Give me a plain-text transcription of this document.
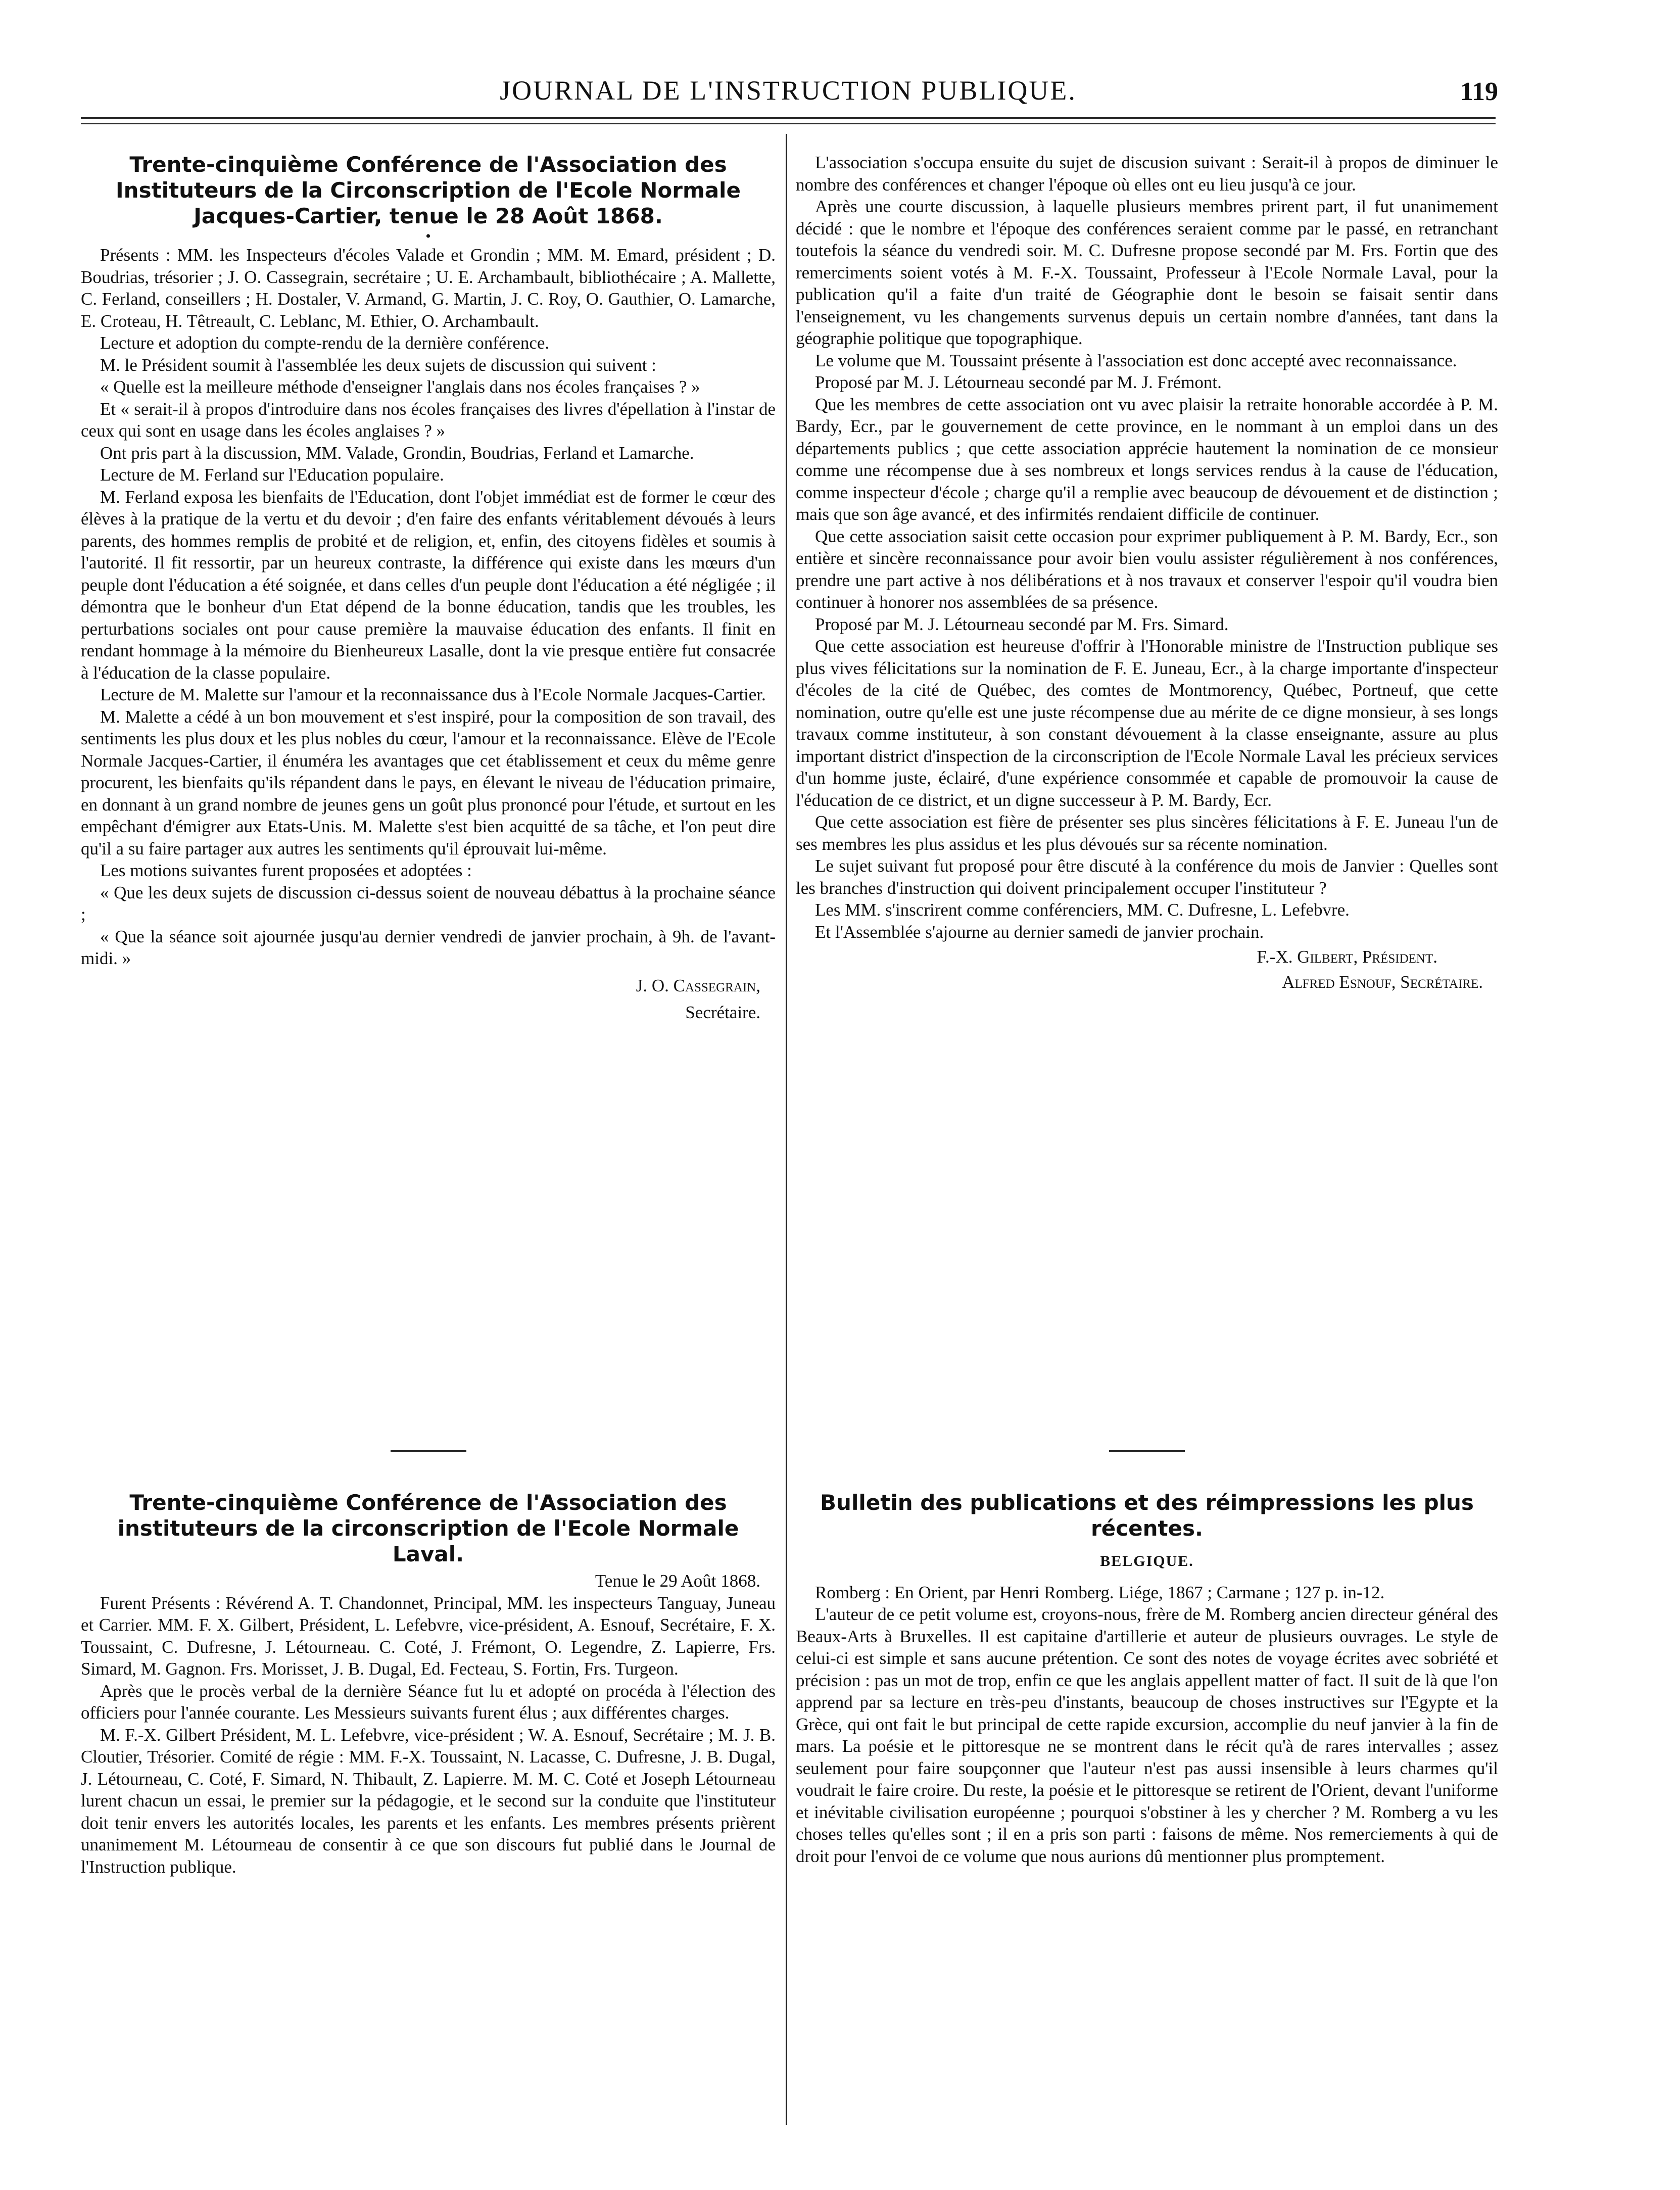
JOURNAL DE L'INSTRUCTION PUBLIQUE.	119
Trente-cinquième Conférence de l'Association des Instituteurs de la Circonscription de l'Ecole Normale Jacques-Cartier, tenue le 28 Août 1868.
•

Présents : MM. les Inspecteurs d'écoles Valade et Grondin ; MM. M. Emard, président ; D. Boudrias, trésorier ; J. O. Cassegrain, secrétaire ; U. E. Archambault, bibliothécaire ; A. Mallette, C. Ferland, conseillers ; H. Dostaler, V. Armand, G. Martin, J. C. Roy, O. Gauthier, O. Lamarche, E. Croteau, H. Têtreault, C. Leblanc, M. Ethier, O. Archambault.

Lecture et adoption du compte-rendu de la dernière conférence.

M. le Président soumit à l'assemblée les deux sujets de discussion qui suivent :

« Quelle est la meilleure méthode d'enseigner l'anglais dans nos écoles françaises ? »

Et « serait-il à propos d'introduire dans nos écoles françaises des livres d'épellation à l'instar de ceux qui sont en usage dans les écoles anglaises ? »

Ont pris part à la discussion, MM. Valade, Grondin, Boudrias, Ferland et Lamarche.

Lecture de M. Ferland sur l'Education populaire.

M. Ferland exposa les bienfaits de l'Education, dont l'objet immédiat est de former le cœur des élèves à la pratique de la vertu et du devoir ; d'en faire des enfants véritablement dévoués à leurs parents, des hommes remplis de probité et de religion, et, enfin, des citoyens fidèles et soumis à l'autorité. Il fit ressortir, par un heureux contraste, la différence qui existe dans les mœurs d'un peuple dont l'éducation a été soignée, et dans celles d'un peuple dont l'éducation a été négligée ; il démontra que le bonheur d'un Etat dépend de la bonne éducation, tandis que les troubles, les perturbations sociales ont pour cause première la mauvaise éducation des enfants. Il finit en rendant hommage à la mémoire du Bienheureux Lasalle, dont la vie presque entière fut consacrée à l'éducation de la classe populaire.

Lecture de M. Malette sur l'amour et la reconnaissance dus à l'Ecole Normale Jacques-Cartier.

M. Malette a cédé à un bon mouvement et s'est inspiré, pour la composition de son travail, des sentiments les plus doux et les plus nobles du cœur, l'amour et la reconnaissance. Elève de l'Ecole Normale Jacques-Cartier, il énuméra les avantages que cet établissement et ceux du même genre procurent, les bienfaits qu'ils répandent dans le pays, en élevant le niveau de l'éducation primaire, en donnant à un grand nombre de jeunes gens un goût plus prononcé pour l'étude, et surtout en les empêchant d'émigrer aux Etats-Unis. M. Malette s'est bien acquitté de sa tâche, et l'on peut dire qu'il a su faire partager aux autres les sentiments qu'il éprouvait lui-même.

Les motions suivantes furent proposées et adoptées :

« Que les deux sujets de discussion ci-dessus soient de nouveau débattus à la prochaine séance ;

« Que la séance soit ajournée jusqu'au dernier vendredi de janvier prochain, à 9h. de l'avant-midi. »

J. O. Cassegrain,
Secrétaire.
Trente-cinquième Conférence de l'Association des instituteurs de la circonscription de l'Ecole Normale Laval.

Tenue le 29 Août 1868.

Furent Présents : Révérend A. T. Chandonnet, Principal, MM. les inspecteurs Tanguay, Juneau et Carrier. MM. F. X. Gilbert, Président, L. Lefebvre, vice-président, A. Esnouf, Secrétaire, F. X. Toussaint, C. Dufresne, J. Létourneau. C. Coté, J. Frémont, O. Legendre, Z. Lapierre, Frs. Simard, M. Gagnon. Frs. Morisset, J. B. Dugal, Ed. Fecteau, S. Fortin, Frs. Turgeon.

Après que le procès verbal de la dernière Séance fut lu et adopté on procéda à l'élection des officiers pour l'année courante. Les Messieurs suivants furent élus ; aux différentes charges.

M. F.-X. Gilbert Président, M. L. Lefebvre, vice-président ; W. A. Esnouf, Secrétaire ; M. J. B. Cloutier, Trésorier. Comité de régie : MM. F.-X. Toussaint, N. Lacasse, C. Dufresne, J. B. Dugal, J. Létourneau, C. Coté, F. Simard, N. Thibault, Z. Lapierre. M. M. C. Coté et Joseph Létourneau lurent chacun un essai, le premier sur la pédagogie, et le second sur la conduite que l'instituteur doit tenir envers les autorités locales, les parents et les enfants. Les membres présents prièrent unanimement M. Létourneau de consentir à ce que son discours fut publié dans le Journal de l'Instruction publique.

L'association s'occupa ensuite du sujet de discusion suivant : Serait-il à propos de diminuer le nombre des conférences et changer l'époque où elles ont eu lieu jusqu'à ce jour.

Après une courte discussion, à laquelle plusieurs membres prirent part, il fut unanimement décidé : que le nombre et l'époque des conférences seraient comme par le passé, en retranchant toutefois la séance du vendredi soir. M. C. Dufresne propose secondé par M. Frs. Fortin que des remerciments soient votés à M. F.-X. Toussaint, Professeur à l'Ecole Normale Laval, pour la publication qu'il a faite d'un traité de Géographie dont le besoin se faisait sentir dans l'enseignement, vu les changements survenus depuis un certain nombre d'années, tant dans la géographie politique que topographique.

Le volume que M. Toussaint présente à l'association est donc accepté avec reconnaissance.

Proposé par M. J. Létourneau secondé par M. J. Frémont.

Que les membres de cette association ont vu avec plaisir la retraite honorable accordée à P. M. Bardy, Ecr., par le gouvernement de cette province, en le nommant à un emploi dans un des départements publics ; que cette association apprécie hautement la nomination de ce monsieur comme une récompense due à ses nombreux et longs services rendus à la cause de l'éducation, comme inspecteur d'école ; charge qu'il a remplie avec beaucoup de dévouement et de distinction ; mais que son âge avancé, et des infirmités rendaient difficile de continuer.

Que cette association saisit cette occasion pour exprimer publiquement à P. M. Bardy, Ecr., son entière et sincère reconnaissance pour avoir bien voulu assister régulièrement à nos conférences, prendre une part active à nos délibérations et à nos travaux et conserver l'espoir qu'il voudra bien continuer à honorer nos assemblées de sa présence.

Proposé par M. J. Létourneau secondé par M. Frs. Simard.

Que cette association est heureuse d'offrir à l'Honorable ministre de l'Instruction publique ses plus vives félicitations sur la nomination de F. E. Juneau, Ecr., à la charge importante d'inspecteur d'écoles de la cité de Québec, des comtes de Montmorency, Québec, Portneuf, que cette nomination, outre qu'elle est une juste récompense due au mérite de ce digne monsieur, à ses longs travaux comme instituteur, à son constant dévouement à la classe enseignante, assure au plus important district d'inspection de la circonscription de l'Ecole Normale Laval les précieux services d'un homme juste, éclairé, d'une expérience consommée et capable de promouvoir la cause de l'éducation de ce district, et un digne successeur à P. M. Bardy, Ecr.

Que cette association est fière de présenter ses plus sincères félicitations à F. E. Juneau l'un de ses membres les plus assidus et les plus dévoués sur sa récente nomination.

Le sujet suivant fut proposé pour être discuté à la conférence du mois de Janvier : Quelles sont les branches d'instruction qui doivent principalement occuper l'instituteur ?

Les MM. s'inscrirent comme conférenciers, MM. C. Dufresne, L. Lefebvre.

Et l'Assemblée s'ajourne au dernier samedi de janvier prochain.

F.-X. Gilbert, Président.
Alfred Esnouf, Secrétaire.
Bulletin des publications et des réimpressions les plus récentes.
BELGIQUE.

Romberg : En Orient, par Henri Romberg. Liége, 1867 ; Carmane ; 127 p. in-12.

L'auteur de ce petit volume est, croyons-nous, frère de M. Romberg ancien directeur général des Beaux-Arts à Bruxelles. Il est capitaine d'artillerie et auteur de plusieurs ouvrages. Le style de celui-ci est simple et sans aucune prétention. Ce sont des notes de voyage écrites avec sobriété et précision : pas un mot de trop, enfin ce que les anglais appellent matter of fact. Il suit de là que l'on apprend par sa lecture en très-peu d'instants, beaucoup de choses instructives sur l'Egypte et la Grèce, qui ont fait le but principal de cette rapide excursion, accomplie du neuf janvier à la fin de mars. La poésie et le pittoresque ne se montrent dans le récit qu'à de rares intervalles ; assez seulement pour faire soupçonner que l'auteur n'est pas aussi insensible à leurs charmes qu'il voudrait le faire croire. Du reste, la poésie et le pittoresque se retirent de l'Orient, devant l'uniforme et inévitable civilisation européenne ; pourquoi s'obstiner à les y chercher ? M. Romberg a vu les choses telles qu'elles sont ; il en a pris son parti : faisons de même. Nos remerciements à qui de droit pour l'envoi de ce volume que nous aurions dû mentionner plus promptement.
